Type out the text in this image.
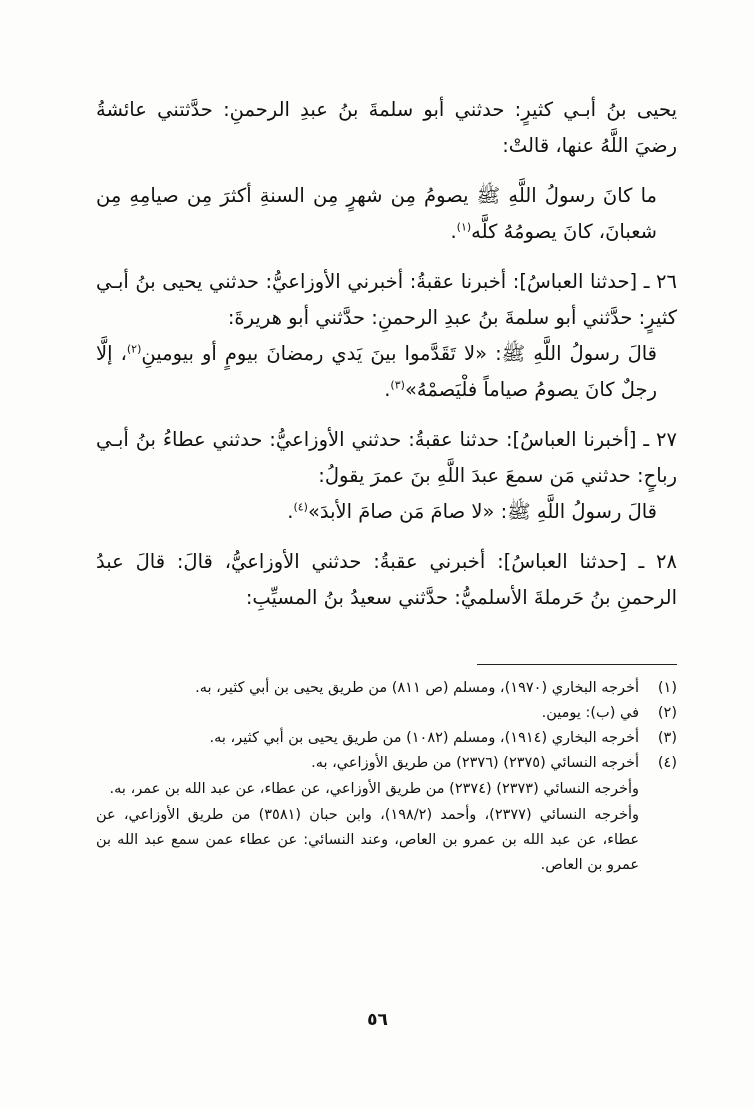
يحيى بنُ أبـي كثيرٍ: حدثني أبو سلمةَ بنُ عبدِ الرحمنِ: حدَّثتني عائشةُ رضيَ اللَّهُ عنها، قالتْ:

ما كانَ رسولُ اللَّهِ ﷺ يصومُ مِن شهرٍ مِن السنةِ أكثرَ مِن صيامِهِ مِن شعبانَ، كانَ يصومُهُ كلَّه$^{(١)}$.

٢٦ ـ [حدثنا العباسُ]: أخبرنا عقبةُ: أخبرني الأوزاعيُّ: حدثني يحيى بنُ أبـي كثيرٍ: حدَّثني أبو سلمةَ بنُ عبدِ الرحمنِ: حدَّثني أبو هريرةَ:

قالَ رسولُ اللَّهِ ﷺ: «لا تَقَدَّموا بينَ يَدي رمضانَ بيومٍ أو بيومينِ$^{(٢)}$، إلَّا رجلٌ كانَ يصومُ صياماً فلْيَصمْهُ»$^{(٣)}$.

٢٧ ـ [أخبرنا العباسُ]: حدثنا عقبةُ: حدثني الأوزاعيُّ: حدثني عطاءُ بنُ أبـي رباحٍ: حدثني مَن سمعَ عبدَ اللَّهِ بنَ عمرَ يقولُ:

قالَ رسولُ اللَّهِ ﷺ: «لا صامَ مَن صامَ الأبدَ»$^{(٤)}$.

٢٨ ـ [حدثنا العباسُ]: أخبرني عقبةُ: حدثني الأوزاعيُّ، قالَ: قالَ عبدُ الرحمنِ بنُ حَرملةَ الأسلميُّ: حدَّثني سعيدُ بنُ المسيِّبِ:

(١)

أخرجه البخاري (١٩٧٠)، ومسلم (ص ٨١١) من طريق يحيى بن أبي كثير، به.

(٢)

في (ب): يومين.

(٣)

أخرجه البخاري (١٩١٤)، ومسلم (١٠٨٢) من طريق يحيى بن أبي كثير، به.

(٤)

أخرجه النسائي (٢٣٧٥) (٢٣٧٦) من طريق الأوزاعي، به.

وأخرجه النسائي (٢٣٧٣) (٢٣٧٤) من طريق الأوزاعي، عن عطاء، عن عبد الله بن عمر، به.

وأخرجه النسائي (٢٣٧٧)، وأحمد (١٩٨/٢)، وابن حبان (٣٥٨١) من طريق الأوزاعي، عن عطاء، عن عبد الله بن عمرو بن العاص، وعند النسائي: عن عطاء عمن سمع عبد الله بن عمرو بن العاص.

٥٦
